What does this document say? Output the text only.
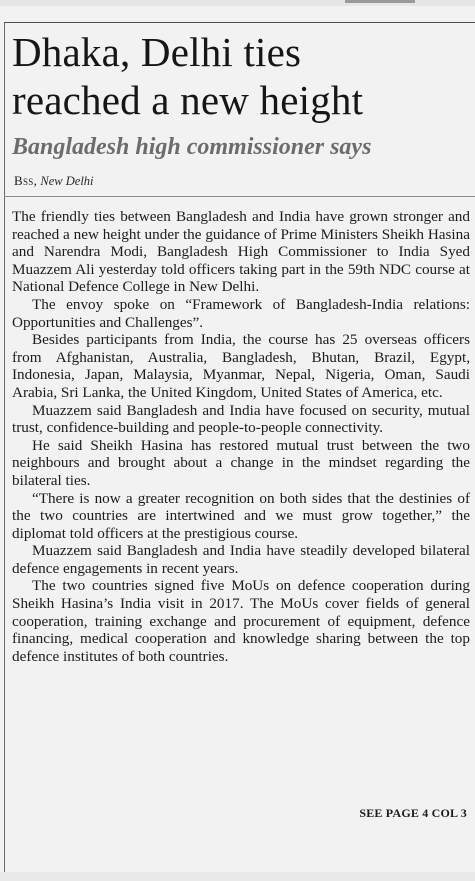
Dhaka, Delhi ties
reached a new height
Bangladesh high commissioner says
Bss, New Delhi

The friendly ties between Bangladesh and India have grown stronger and reached a new height under the guidance of Prime Ministers Sheikh Hasina and Narendra Modi, Bangladesh High Commissioner to India Syed Muazzem Ali yesterday told officers taking part in the 59th NDC course at National Defence College in New Delhi.

The envoy spoke on “Framework of Bangladesh-India relations: Opportunities and Challenges”.

Besides participants from India, the course has 25 overseas officers from Afghanistan, Australia, Bangladesh, Bhutan, Brazil, Egypt, Indonesia, Japan, Malaysia, Myanmar, Nepal, Nigeria, Oman, Saudi Arabia, Sri Lanka, the United Kingdom, United States of America, etc.

Muazzem said Bangladesh and India have focused on security, mutual trust, confidence-building and people-to-people connectivity.

He said Sheikh Hasina has restored mutual trust between the two neighbours and brought about a change in the mindset regarding the bilateral ties.

“There is now a greater recognition on both sides that the destinies of the two countries are intertwined and we must grow together,” the diplomat told officers at the prestigious course.

Muazzem said Bangladesh and India have steadily developed bilateral defence engagements in recent years.

The two countries signed five MoUs on defence cooperation during Sheikh Hasina’s India visit in 2017. The MoUs cover fields of general cooperation, training exchange and procurement of equipment, defence financing, medical cooperation and knowledge sharing between the top defence institutes of both countries.

SEE PAGE 4 COL 3
